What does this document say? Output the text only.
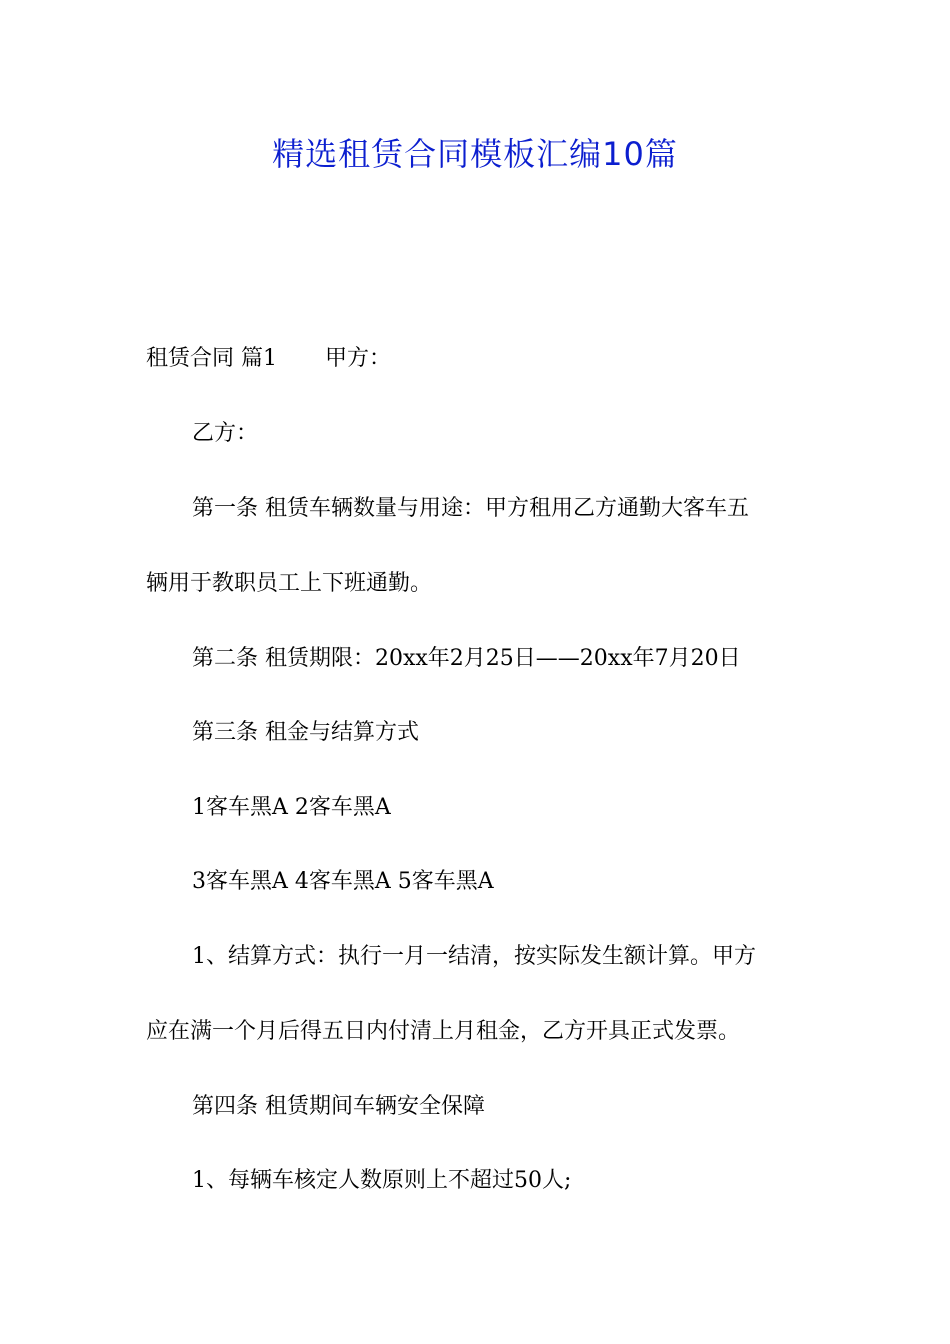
精选租赁合同模板汇编10篇

租赁合同 篇1 甲方：

乙方：

第一条 租赁车辆数量与用途：甲方租用乙方通勤大客车五

辆用于教职员工上下班通勤。

第二条 租赁期限：20xx年2月25日——20xx年7月20日

第三条 租金与结算方式

1客车黑A 2客车黑A

3客车黑A 4客车黑A 5客车黑A

1、结算方式：执行一月一结清，按实际发生额计算。甲方

应在满一个月后得五日内付清上月租金，乙方开具正式发票。

第四条 租赁期间车辆安全保障

1、每辆车核定人数原则上不超过50人;
